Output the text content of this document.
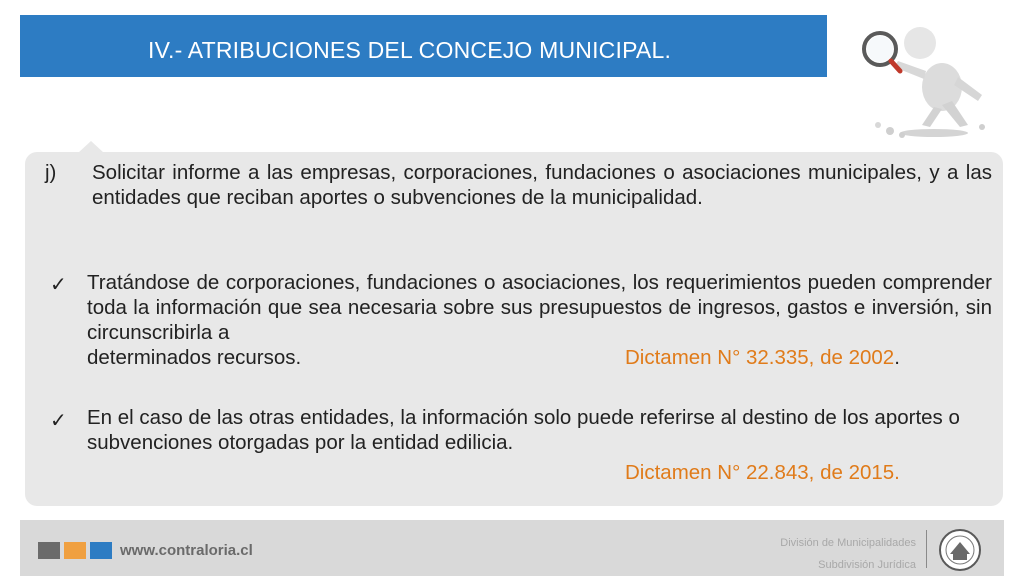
IV.- ATRIBUCIONES DEL CONCEJO MUNICIPAL.
j) Solicitar informe a las empresas, corporaciones, fundaciones o asociaciones municipales, y a las entidades que reciban aportes o subvenciones de la municipalidad.
✓ Tratándose de corporaciones, fundaciones o asociaciones, los requerimientos pueden comprender toda la información que sea necesaria sobre sus presupuestos de ingresos, gastos e inversión, sin circunscribirla a
determinados recursos.	Dictamen N° 32.335, de 2002.
✓ En el caso de las otras entidades, la información solo puede referirse al destino de los aportes o subvenciones otorgadas por la entidad edilicia.
Dictamen N° 22.843, de 2015.
www.contraloria.cl	División de Municipalidades
Subdivisión Jurídica
